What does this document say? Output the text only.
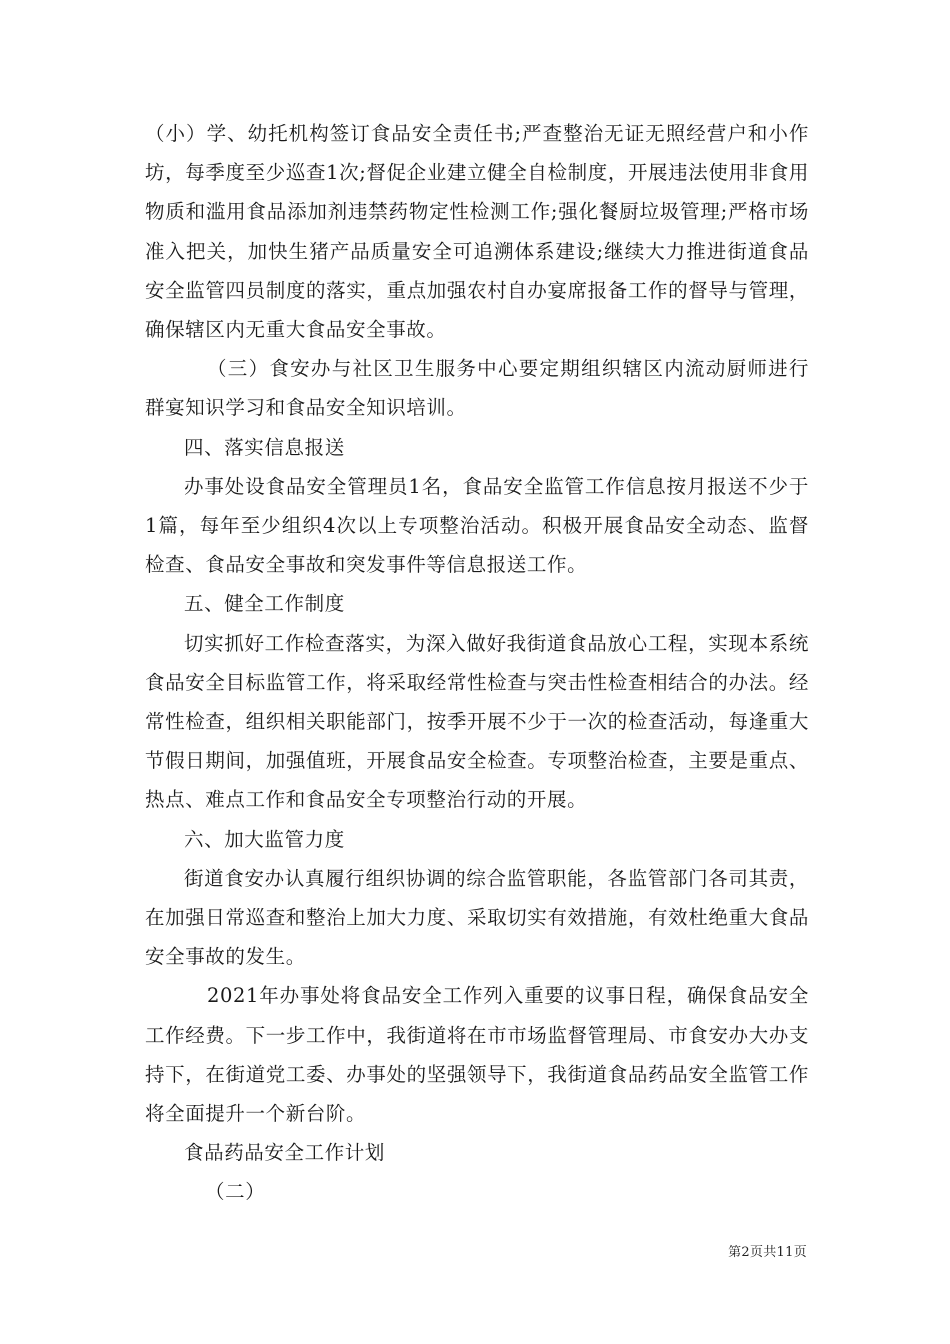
（小）学、幼托机构签订食品安全责任书;严查整治无证无照经营户和小作坊，每季度至少巡查1次;督促企业建立健全自检制度，开展违法使用非食用物质和滥用食品添加剂违禁药物定性检测工作;强化餐厨垃圾管理;严格市场准入把关，加快生猪产品质量安全可追溯体系建设;继续大力推进街道食品安全监管四员制度的落实，重点加强农村自办宴席报备工作的督导与管理，确保辖区内无重大食品安全事故。

（三）食安办与社区卫生服务中心要定期组织辖区内流动厨师进行群宴知识学习和食品安全知识培训。

四、落实信息报送

办事处设食品安全管理员1名，食品安全监管工作信息按月报送不少于1篇，每年至少组织4次以上专项整治活动。积极开展食品安全动态、监督检查、食品安全事故和突发事件等信息报送工作。

五、健全工作制度

切实抓好工作检查落实，为深入做好我街道食品放心工程，实现本系统食品安全目标监管工作，将采取经常性检查与突击性检查相结合的办法。经常性检查，组织相关职能部门，按季开展不少于一次的检查活动，每逢重大节假日期间，加强值班，开展食品安全检查。专项整治检查，主要是重点、热点、难点工作和食品安全专项整治行动的开展。

六、加大监管力度

街道食安办认真履行组织协调的综合监管职能，各监管部门各司其责，在加强日常巡查和整治上加大力度、采取切实有效措施，有效杜绝重大食品安全事故的发生。

2021年办事处将食品安全工作列入重要的议事日程，确保食品安全工作经费。下一步工作中，我街道将在市市场监督管理局、市食安办大办支持下，在街道党工委、办事处的坚强领导下，我街道食品药品安全监管工作将全面提升一个新台阶。

食品药品安全工作计划

（二）

第2页共11页
